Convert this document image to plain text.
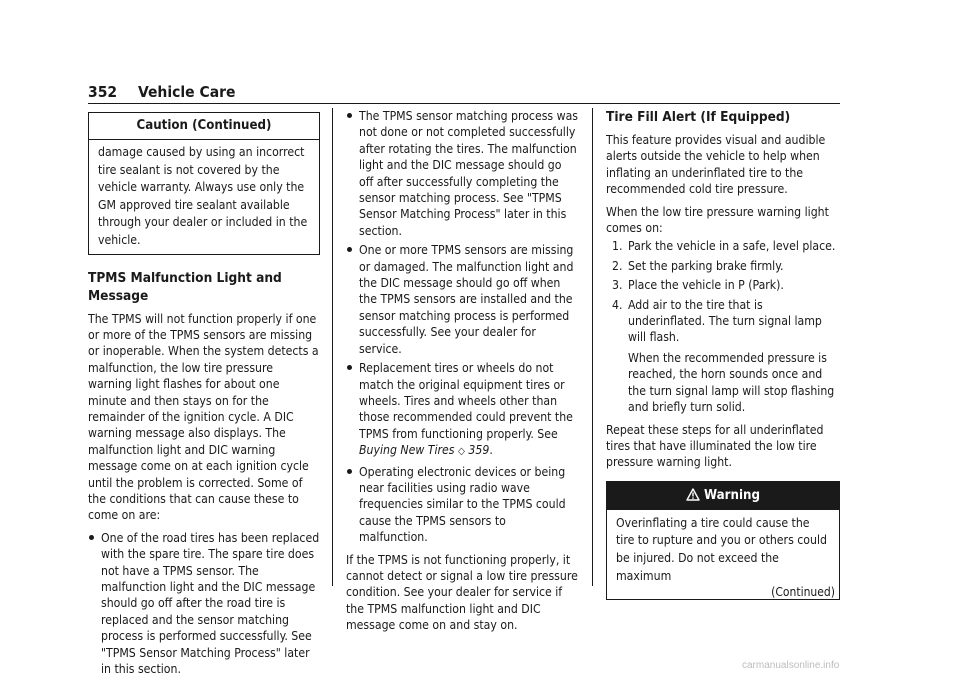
352 Vehicle Care
Caution (Continued)
damage caused by using an incorrect tire sealant is not covered by the vehicle warranty. Always use only the GM approved tire sealant available through your dealer or included in the vehicle.
TPMS Malfunction Light and Message

The TPMS will not function properly if one or more of the TPMS sensors are missing or inoperable. When the system detects a malfunction, the low tire pressure warning light flashes for about one minute and then stays on for the remainder of the ignition cycle. A DIC warning message also displays. The malfunction light and DIC warning message come on at each ignition cycle until the problem is corrected. Some of the conditions that can cause these to come on are:

One of the road tires has been replaced with the spare tire. The spare tire does not have a TPMS sensor. The malfunction light and the DIC message should go off after the road tire is replaced and the sensor matching process is performed successfully. See "TPMS Sensor Matching Process" later in this section.
The TPMS sensor matching process was not done or not completed successfully after rotating the tires. The malfunction light and the DIC message should go off after successfully completing the sensor matching process. See "TPMS Sensor Matching Process" later in this section.
One or more TPMS sensors are missing or damaged. The malfunction light and the DIC message should go off when the TPMS sensors are installed and the sensor matching process is performed successfully. See your dealer for service.
Replacement tires or wheels do not match the original equipment tires or wheels. Tires and wheels other than those recommended could prevent the TPMS from functioning properly. See Buying New Tires ◇ 359.
Operating electronic devices or being near facilities using radio wave frequencies similar to the TPMS could cause the TPMS sensors to malfunction.

If the TPMS is not functioning properly, it cannot detect or signal a low tire pressure condition. See your dealer for service if the TPMS malfunction light and DIC message come on and stay on.

Tire Fill Alert (If Equipped)

This feature provides visual and audible alerts outside the vehicle to help when inflating an underinflated tire to the recommended cold tire pressure.

When the low tire pressure warning light comes on:

1. Park the vehicle in a safe, level place.
2. Set the parking brake firmly.
3. Place the vehicle in P (Park).
4. Add air to the tire that is underinflated. The turn signal lamp will flash.
When the recommended pressure is reached, the horn sounds once and the turn signal lamp will stop flashing and briefly turn solid.

Repeat these steps for all underinflated tires that have illuminated the low tire pressure warning light.

Warning
Overinflating a tire could cause the tire to rupture and you or others could be injured. Do not exceed the maximum
(Continued)
carmanualsonline.info
